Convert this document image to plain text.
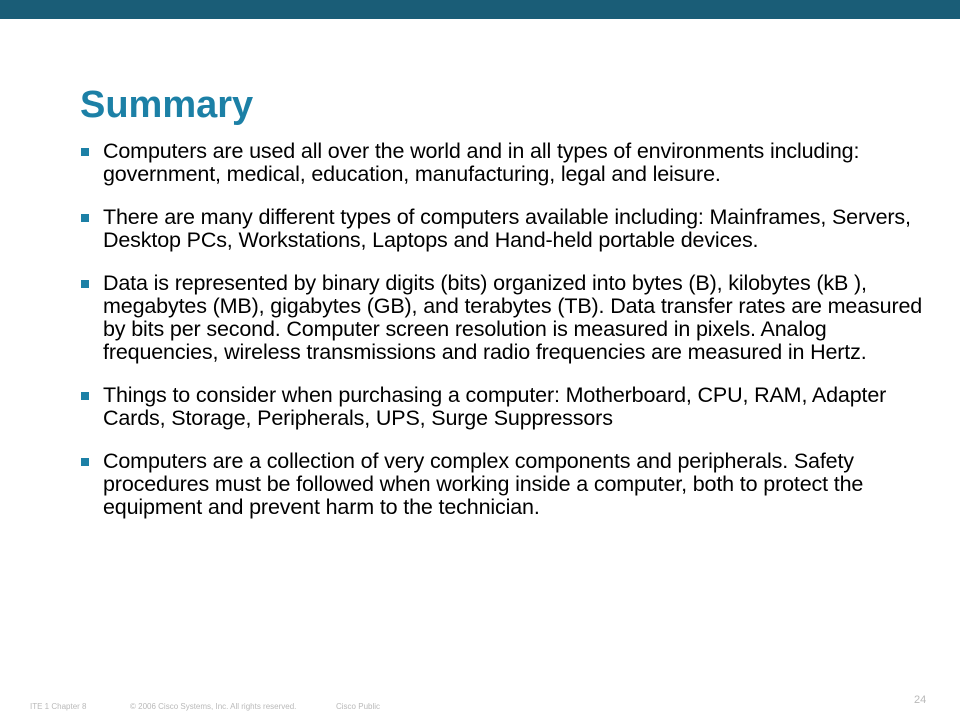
Summary
Computers are used all over the world and in all types of environments including: government, medical, education, manufacturing, legal and leisure.
There are many different types of computers available including: Mainframes, Servers, Desktop PCs, Workstations, Laptops and Hand-held portable devices.
Data is represented by binary digits (bits) organized into bytes (B), kilobytes (kB ), megabytes (MB), gigabytes (GB), and terabytes (TB). Data transfer rates are measured by bits per second. Computer screen resolution is measured in pixels. Analog frequencies, wireless transmissions and radio frequencies are measured in Hertz.
Things to consider when purchasing a computer: Motherboard, CPU, RAM, Adapter Cards, Storage, Peripherals, UPS, Surge Suppressors
Computers are a collection of very complex components and peripherals. Safety procedures must be followed when working inside a computer, both to protect the equipment and prevent harm to the technician.
ITE 1 Chapter 8	© 2006 Cisco Systems, Inc. All rights reserved.	Cisco Public
24
